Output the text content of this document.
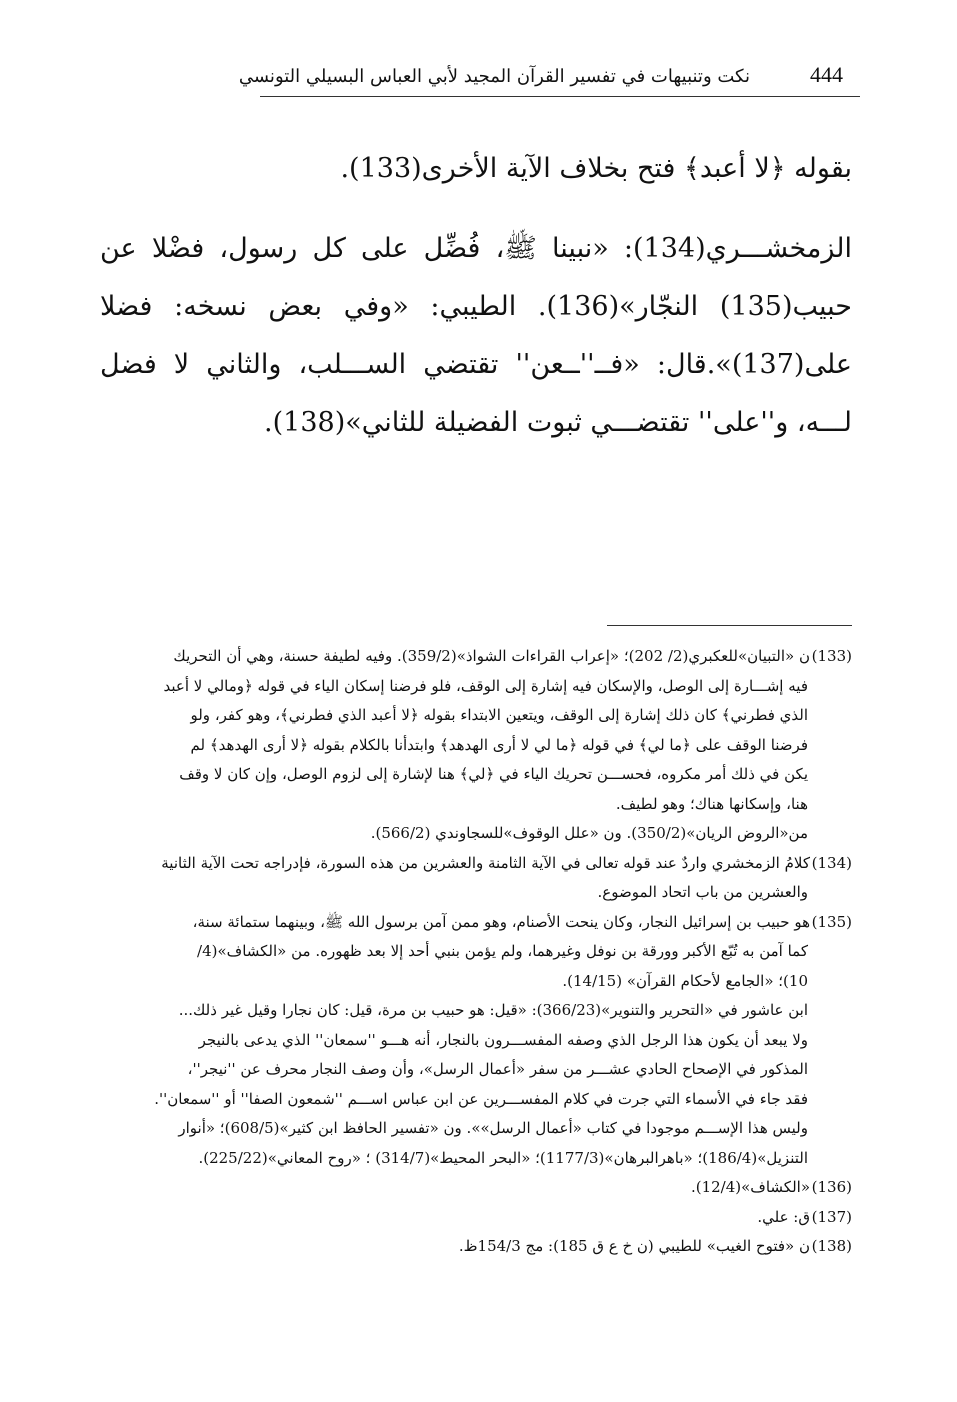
444
نكت وتنبيهات في تفسير القرآن المجيد لأبي العباس البسيلي التونسي

بقوله ﴿لا أعبد﴾ فتح بخلاف الآية الأخرى(133).

الزمخشـــري(134): «نبينا ﷺ، فُضِّل على كل رسول، فضْلا عن حبيب(135) النجّار»(136). الطيبي: «وفي بعض نسخه: فضلا على(137)».قال: «فــ''ــعن'' تقتضي الســـلب، والثاني لا فضل لـــه، و''على'' تقتضـــي ثبوت الفضيلة للثاني»(138).

(133)ن «التبيان»للعكبري(2/ 202)؛ «إعراب القراءات الشواذ»(359/2). وفيه لطيفة حسنة، وهي أن التحريك

فيه إشـــارة إلى الوصل، والإسكان فيه إشارة إلى الوقف، فلو فرضنا إسكان الياء في قوله ﴿ومالي لا أعبد

الذي فطرني﴾ كان ذلك إشارة إلى الوقف، ويتعين الابتداء بقوله ﴿لا أعبد الذي فطرني﴾، وهو كفر، ولو

فرضنا الوقف على ﴿ما لي﴾ في قوله ﴿ما لي لا أرى الهدهد﴾ وابتدأنا بالكلام بقوله ﴿لا أرى الهدهد﴾ لم

يكن في ذلك أمر مكروه، فحســـن تحريك الياء في ﴿لي﴾ هنا لإشارة إلى لزوم الوصل، وإن كان لا وقف

هنا، وإسكانها هناك؛ وهو لطيف.

من«الروض الريان»(350/2). ون «علل الوقوف»للسجاوندي (566/2).

(134)كلامُ الزمخشري واردٌ عند قوله تعالى في الآية الثامنة والعشرين من هذه السورة، فإدراجه تحت الآية الثانية

والعشرين من باب اتحاد الموضوع.

(135)هو حبيب بن إسرائيل النجار، وكان ينحت الأصنام، وهو ممن آمن برسول الله ﷺ، وبينهما ستمائة سنة،

كما آمن به تُبّع الأكبر وورقة بن نوفل وغيرهما، ولم يؤمن بنبي أحد إلا بعد ظهوره. من «الكشاف»(4/

10)؛ «الجامع لأحكام القرآن» (14/15).

ابن عاشور في «التحرير والتنوير»(366/23): «قيل: هو حبيب بن مرة، قيل: كان نجارا وقيل غير ذلك...

ولا يبعد أن يكون هذا الرجل الذي وصفه المفســـرون بالنجار، أنه هـــو ''سمعان'' الذي يدعى بالنيجر

المذكور في الإصحاح الحادي عشـــر من سفر «أعمال الرسل»، وأن وصف النجار محرف عن ''نيجر''،

فقد جاء في الأسماء التي جرت في كلام المفســـرين عن ابن عباس اســـم ''شمعون الصفا'' أو ''سمعان''.

وليس هذا الإســـم موجودا في كتاب «أعمال الرسل»». ون «تفسير الحافظ ابن كثير»(608/5)؛ «أنوار

التنزيل»(186/4)؛ «باهرالبرهان»(1177/3)؛ «البحر المحيط»(314/7) ؛ «روح المعاني»(225/22).

(136)«الكشاف»(12/4).

(137)ق: علي.

(138)ن «فتوح الغيب» للطيبي (ن خ ع ق 185): مج 154/3ظ.
